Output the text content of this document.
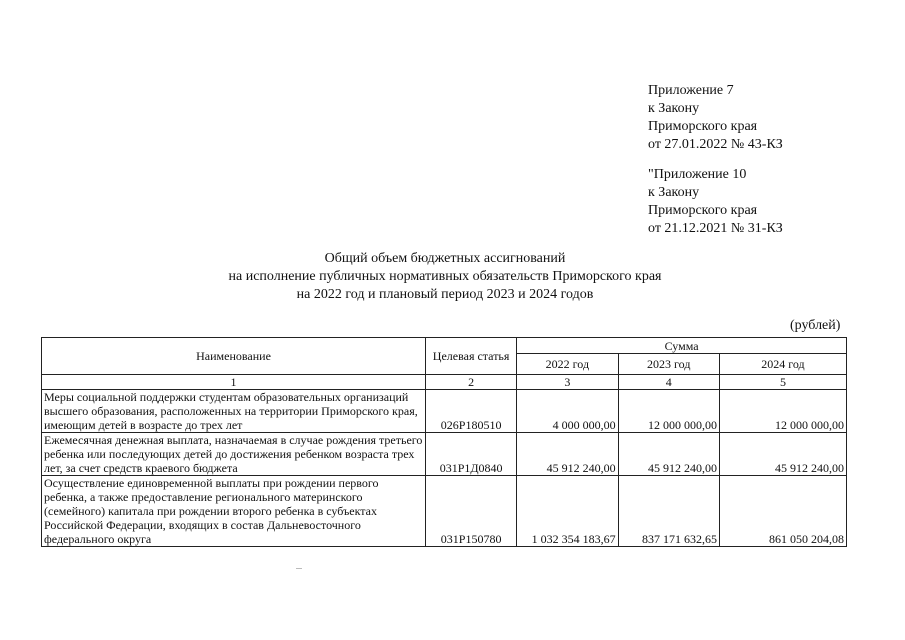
Приложение 7
к Закону
Приморского края
от 27.01.2022 № 43-КЗ
"Приложение 10
к Закону
Приморского края
от 21.12.2021 № 31-КЗ
Общий объем бюджетных ассигнований
на исполнение публичных нормативных обязательств Приморского края
на 2022 год и плановый период 2023 и 2024 годов
(рублей)
Наименование	Целевая статья	Сумма		
		2022 год	2023 год	2024 год
1	2	3	4	5
Меры социальной поддержки студентам образовательных организаций высшего образования, расположенных на территории Приморского края, имеющим детей в возрасте до трех лет	026Р180510	4 000 000,00	12 000 000,00	12 000 000,00
Ежемесячная денежная выплата, назначаемая в случае рождения третьего ребенка или последующих детей до достижения ребенком возраста трех лет, за счет средств краевого бюджета	031Р1Д0840	45 912 240,00	45 912 240,00	45 912 240,00
Осуществление единовременной выплаты при рождении первого ребенка, а также предоставление регионального материнского (семейного) капитала при рождении второго ребенка в субъектах Российской Федерации, входящих в состав Дальневосточного федерального округа	031Р150780	1 032 354 183,67	837 171 632,65	861 050 204,08
